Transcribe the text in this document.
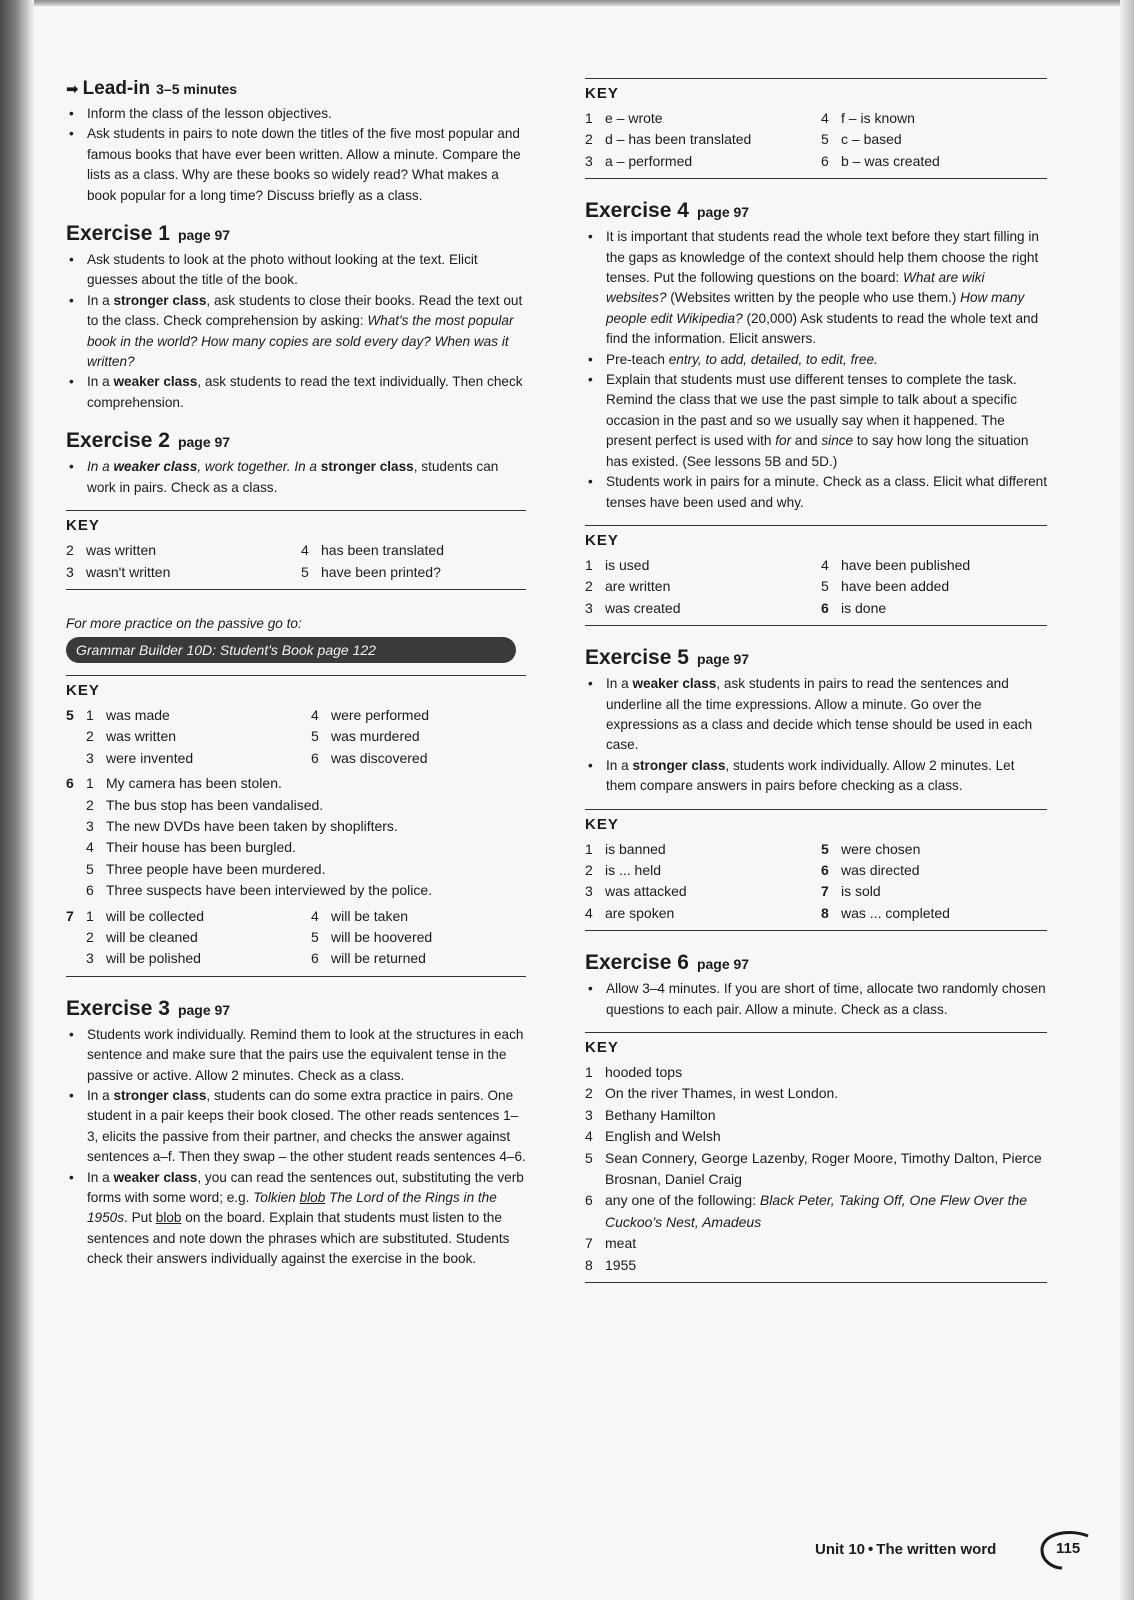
➡ Lead-in 3–5 minutes
• Inform the class of the lesson objectives.
• Ask students in pairs to note down the titles of the five most popular and famous books that have ever been written. Allow a minute. Compare the lists as a class. Why are these books so widely read? What makes a book popular for a long time? Discuss briefly as a class.
Exercise 1 page 97
• Ask students to look at the photo without looking at the text. Elicit guesses about the title of the book.
• In a stronger class, ask students to close their books. Read the text out to the class. Check comprehension by asking: What's the most popular book in the world? How many copies are sold every day? When was it written?
• In a weaker class, ask students to read the text individually. Then check comprehension.
Exercise 2 page 97
• In a weaker class, work together. In a stronger class, students can work in pairs. Check as a class.
KEY
2 was written	4 has been translated
3 wasn't written	5 have been printed?
For more practice on the passive go to:
Grammar Builder 10D: Student's Book page 122
KEY
5 1 was made	4 were performed
2 was written	5 was murdered
3 were invented	6 was discovered
6 1 My camera has been stolen.
2 The bus stop has been vandalised.
3 The new DVDs have been taken by shoplifters.
4 Their house has been burgled.
5 Three people have been murdered.
6 Three suspects have been interviewed by the police.
7 1 will be collected	4 will be taken
2 will be cleaned	5 will be hoovered
3 will be polished	6 will be returned
Exercise 3 page 97
• Students work individually. Remind them to look at the structures in each sentence and make sure that the pairs use the equivalent tense in the passive or active. Allow 2 minutes. Check as a class.
• In a stronger class, students can do some extra practice in pairs. One student in a pair keeps their book closed. The other reads sentences 1–3, elicits the passive from their partner, and checks the answer against sentences a–f. Then they swap – the other student reads sentences 4–6.
• In a weaker class, you can read the sentences out, substituting the verb forms with some word; e.g. Tolkien blob The Lord of the Rings in the 1950s. Put blob on the board. Explain that students must listen to the sentences and note down the phrases which are substituted. Students check their answers individually against the exercise in the book.
KEY
1 e – wrote	4 f – is known
2 d – has been translated	5 c – based
3 a – performed	6 b – was created
Exercise 4 page 97
• It is important that students read the whole text before they start filling in the gaps as knowledge of the context should help them choose the right tenses. Put the following questions on the board: What are wiki websites? (Websites written by the people who use them.) How many people edit Wikipedia? (20,000) Ask students to read the whole text and find the information. Elicit answers.
• Pre-teach entry, to add, detailed, to edit, free.
• Explain that students must use different tenses to complete the task. Remind the class that we use the past simple to talk about a specific occasion in the past and so we usually say when it happened. The present perfect is used with for and since to say how long the situation has existed. (See lessons 5B and 5D.)
• Students work in pairs for a minute. Check as a class. Elicit what different tenses have been used and why.
KEY
1 is used	4 have been published
2 are written	5 have been added
3 was created	6 is done
Exercise 5 page 97
• In a weaker class, ask students in pairs to read the sentences and underline all the time expressions. Allow a minute. Go over the expressions as a class and decide which tense should be used in each case.
• In a stronger class, students work individually. Allow 2 minutes. Let them compare answers in pairs before checking as a class.
KEY
1 is banned	5 were chosen
2 is ... held	6 was directed
3 was attacked	7 is sold
4 are spoken	8 was ... completed
Exercise 6 page 97
• Allow 3–4 minutes. If you are short of time, allocate two randomly chosen questions to each pair. Allow a minute. Check as a class.
KEY
1 hooded tops
2 On the river Thames, in west London.
3 Bethany Hamilton
4 English and Welsh
5 Sean Connery, George Lazenby, Roger Moore, Timothy Dalton, Pierce Brosnan, Daniel Craig
6 any one of the following: Black Peter, Taking Off, One Flew Over the Cuckoo's Nest, Amadeus
7 meat
8 1955
Unit 10 • The written word	115
